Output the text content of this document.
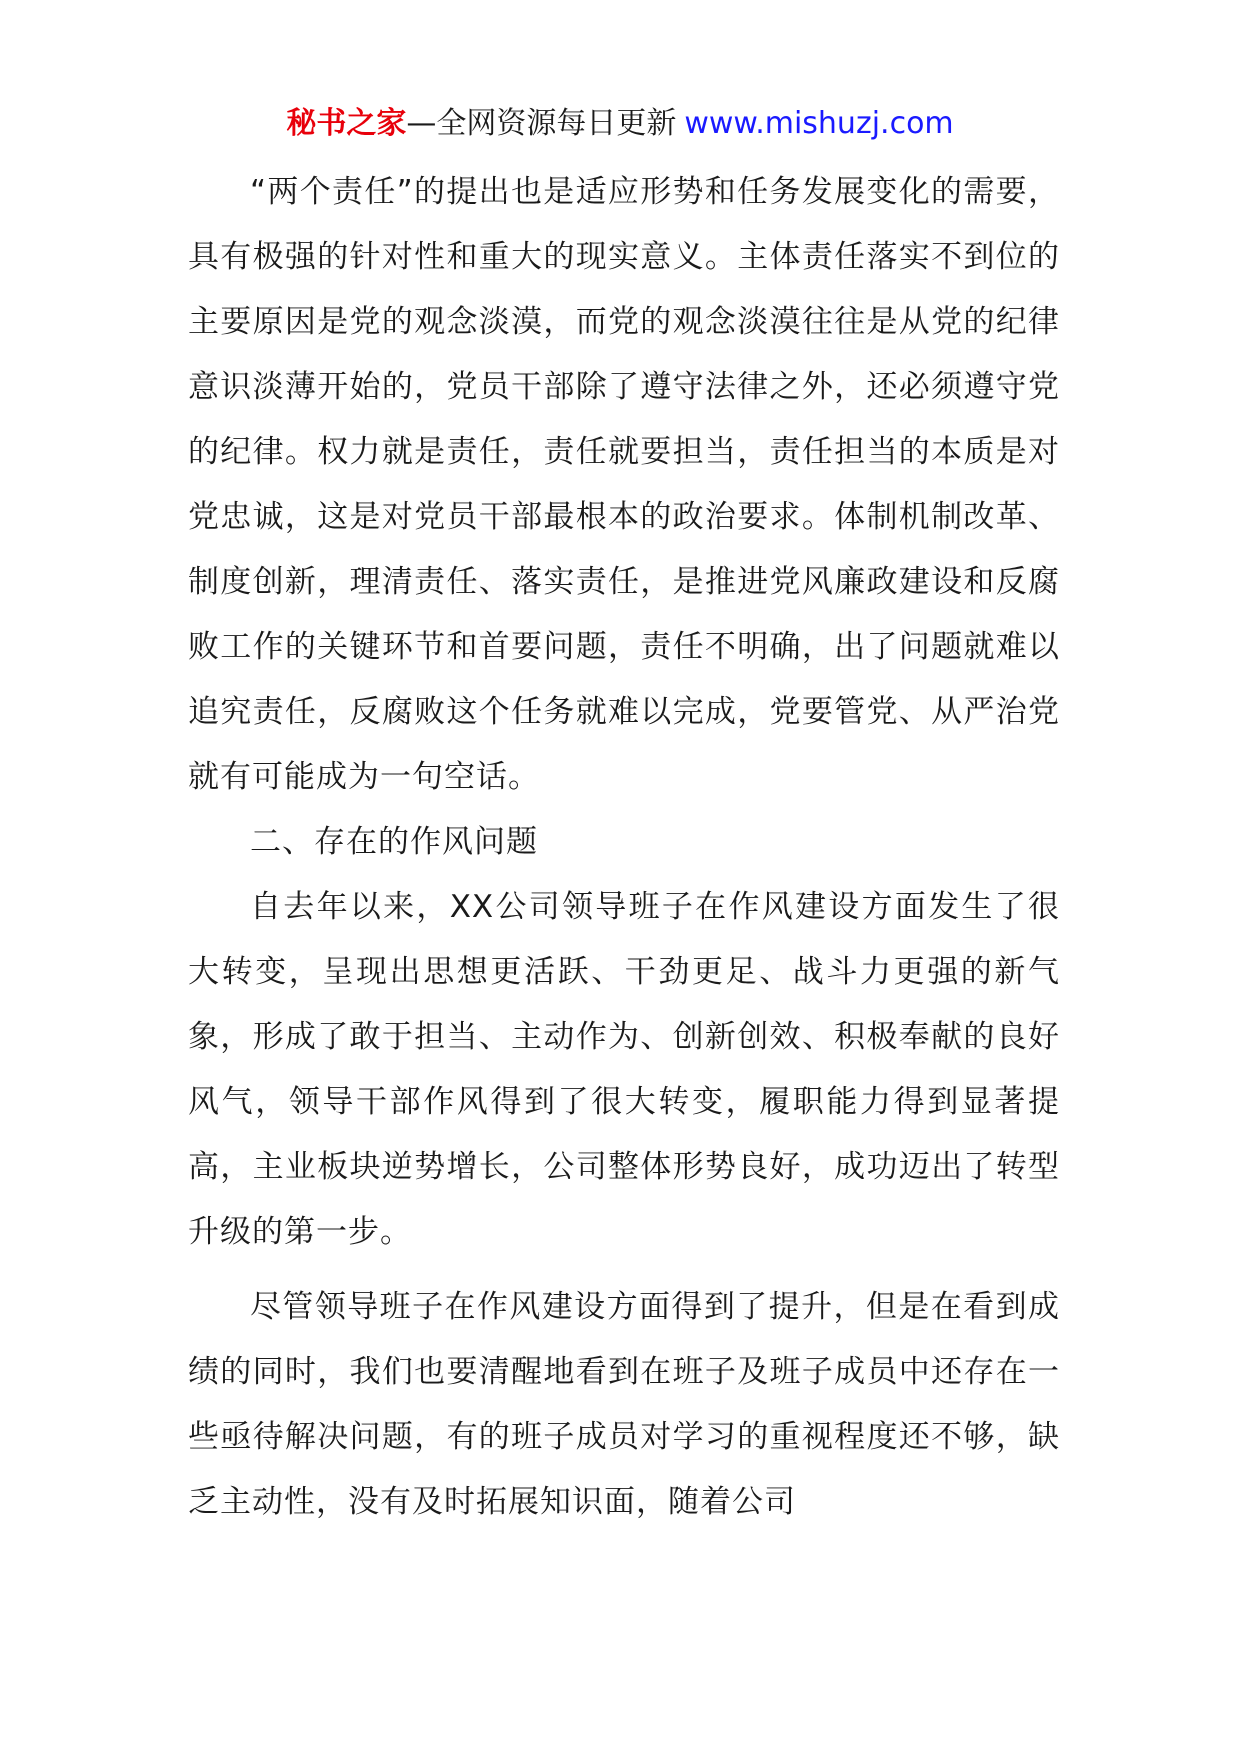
秘书之家—全网资源每日更新 www.mishuzj.com

“两个责任”的提出也是适应形势和任务发展变化的需要，具有极强的针对性和重大的现实意义。主体责任落实不到位的主要原因是党的观念淡漠，而党的观念淡漠往往是从党的纪律意识淡薄开始的，党员干部除了遵守法律之外，还必须遵守党的纪律。权力就是责任，责任就要担当，责任担当的本质是对党忠诚，这是对党员干部最根本的政治要求。体制机制改革、制度创新，理清责任、落实责任，是推进党风廉政建设和反腐败工作的关键环节和首要问题，责任不明确，出了问题就难以追究责任，反腐败这个任务就难以完成，党要管党、从严治党就有可能成为一句空话。

二、存在的作风问题

自去年以来，XX公司领导班子在作风建设方面发生了很大转变，呈现出思想更活跃、干劲更足、战斗力更强的新气象，形成了敢于担当、主动作为、创新创效、积极奉献的良好风气，领导干部作风得到了很大转变，履职能力得到显著提高，主业板块逆势增长，公司整体形势良好，成功迈出了转型升级的第一步。

尽管领导班子在作风建设方面得到了提升，但是在看到成绩的同时，我们也要清醒地看到在班子及班子成员中还存在一些亟待解决问题，有的班子成员对学习的重视程度还不够，缺乏主动性，没有及时拓展知识面，随着公司
